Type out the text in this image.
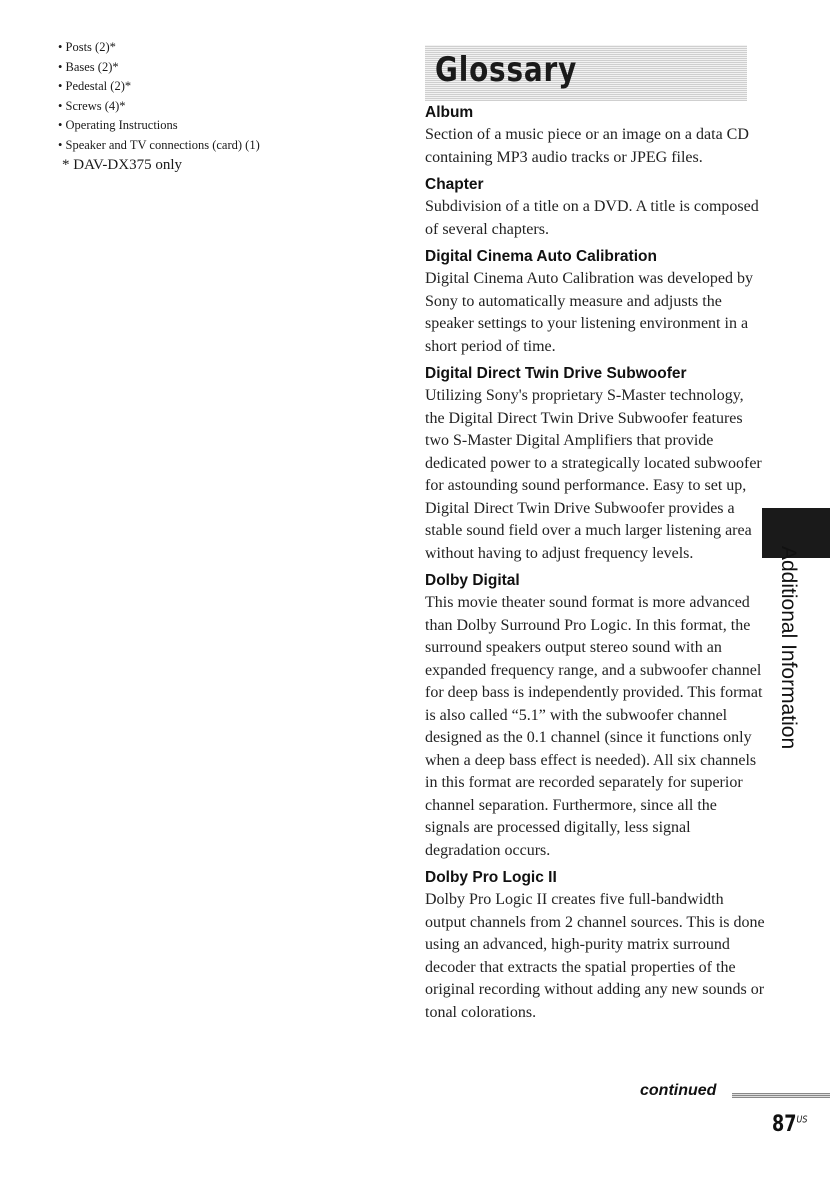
• Posts (2)*
• Bases (2)*
• Pedestal (2)*
• Screws (4)*
• Operating Instructions
• Speaker and TV connections (card) (1)
* DAV-DX375 only
Glossary

Album

Section of a music piece or an image on a data CD containing MP3 audio tracks or JPEG files.

Chapter

Subdivision of a title on a DVD. A title is composed of several chapters.

Digital Cinema Auto Calibration

Digital Cinema Auto Calibration was developed by Sony to automatically measure and adjusts the speaker settings to your listening environment in a short period of time.

Digital Direct Twin Drive Subwoofer

Utilizing Sony's proprietary S-Master technology, the Digital Direct Twin Drive Subwoofer features two S-Master Digital Amplifiers that provide dedicated power to a strategically located subwoofer for astounding sound performance. Easy to set up, Digital Direct Twin Drive Subwoofer provides a stable sound field over a much larger listening area without having to adjust frequency levels.

Dolby Digital

This movie theater sound format is more advanced than Dolby Surround Pro Logic. In this format, the surround speakers output stereo sound with an expanded frequency range, and a subwoofer channel for deep bass is independently provided. This format is also called “5.1” with the subwoofer channel designed as the 0.1 channel (since it functions only when a deep bass effect is needed). All six channels in this format are recorded separately for superior channel separation. Furthermore, since all the signals are processed digitally, less signal degradation occurs.

Dolby Pro Logic II

Dolby Pro Logic II creates five full-bandwidth output channels from 2 channel sources. This is done using an advanced, high-purity matrix surround decoder that extracts the spatial properties of the original recording without adding any new sounds or tonal colorations.

Additional Information
continued
$87^{US}$
